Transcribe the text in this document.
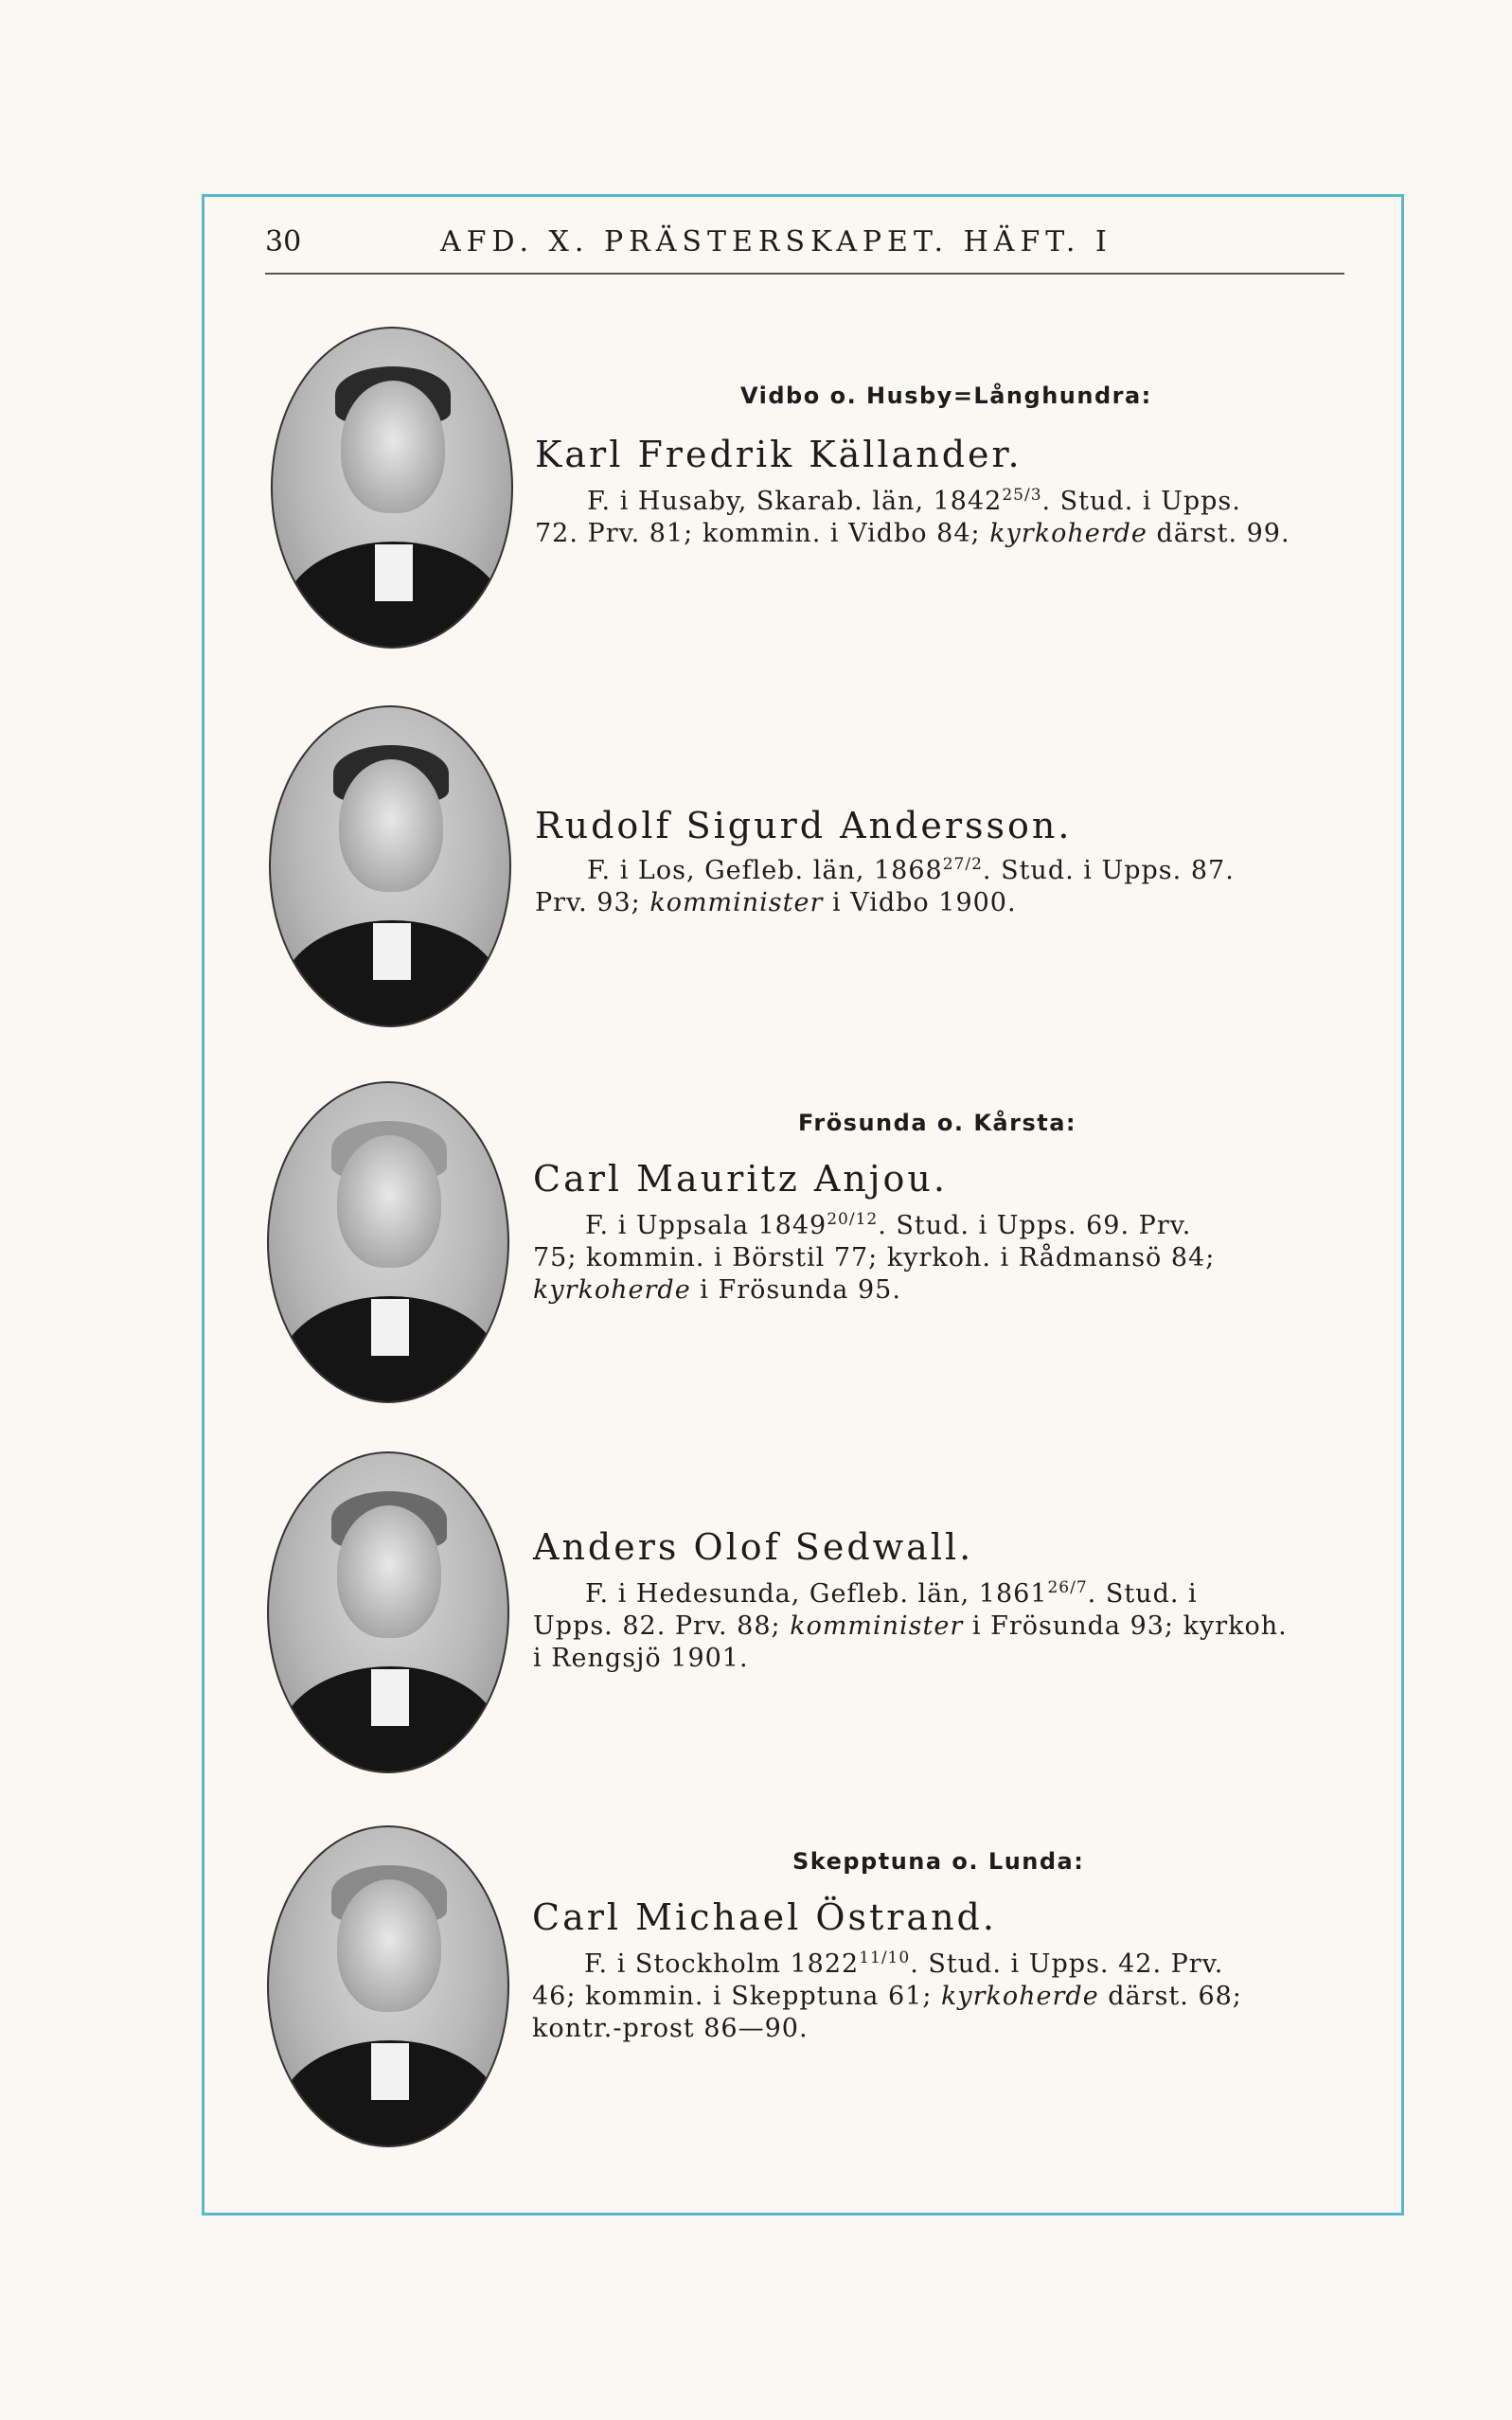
30	AFD. X. PRÄSTERSKAPET. HÄFT. I
Vidbo o. Husby=Långhundra:
Karl Fredrik Källander.
F. i Husaby, Skarab. län, $1842^{25/3}$. Stud. i Upps.
72. Prv. 81; kommin. i Vidbo 84; kyrkoherde därst. 99.
Rudolf Sigurd Andersson.
F. i Los, Gefleb. län, $1868^{27/2}$. Stud. i Upps. 87.
Prv. 93; komminister i Vidbo 1900.
Frösunda o. Kårsta:
Carl Mauritz Anjou.
F. i Uppsala $1849^{20/12}$. Stud. i Upps. 69. Prv.
75; kommin. i Börstil 77; kyrkoh. i Rådmansö 84;
kyrkoherde i Frösunda 95.
Anders Olof Sedwall.
F. i Hedesunda, Gefleb. län, $1861^{26/7}$. Stud. i
Upps. 82. Prv. 88; komminister i Frösunda 93; kyrkoh.
i Rengsjö 1901.
Skepptuna o. Lunda:
Carl Michael Östrand.
F. i Stockholm $1822^{11/10}$. Stud. i Upps. 42. Prv.
46; kommin. i Skepptuna 61; kyrkoherde därst. 68;
kontr.-prost 86—90.
